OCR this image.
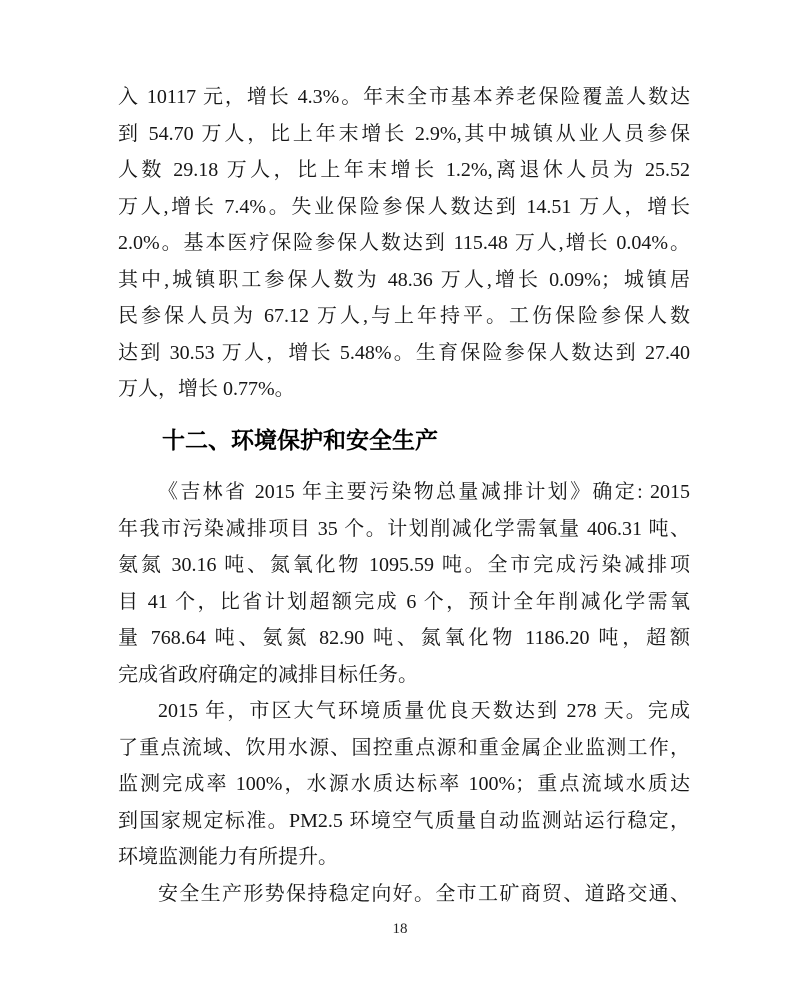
入 10117 元，增长 4.3%。年末全市基本养老保险覆盖人数达
到 54.70 万人，比上年末增长 2.9%,其中城镇从业人员参保
人数 29.18 万人，比上年末增长 1.2%,离退休人员为 25.52
万人,增长 7.4%。失业保险参保人数达到 14.51 万人，增长
2.0%。基本医疗保险参保人数达到 115.48 万人,增长 0.04%。
其中,城镇职工参保人数为 48.36 万人,增长 0.09%；城镇居
民参保人员为 67.12 万人,与上年持平。工伤保险参保人数
达到 30.53 万人，增长 5.48%。生育保险参保人数达到 27.40
万人，增长 0.77%。
十二、环境保护和安全生产
《吉林省 2015 年主要污染物总量减排计划》确定: 2015
年我市污染减排项目 35 个。计划削减化学需氧量 406.31 吨、
氨氮 30.16 吨、氮氧化物 1095.59 吨。全市完成污染减排项
目 41 个，比省计划超额完成 6 个，预计全年削减化学需氧
量 768.64 吨、氨氮 82.90 吨、氮氧化物 1186.20 吨，超额
完成省政府确定的减排目标任务。
2015 年，市区大气环境质量优良天数达到 278 天。完成
了重点流域、饮用水源、国控重点源和重金属企业监测工作，
监测完成率 100%，水源水质达标率 100%；重点流域水质达
到国家规定标准。PM2.5 环境空气质量自动监测站运行稳定，
环境监测能力有所提升。
安全生产形势保持稳定向好。全市工矿商贸、道路交通、
18
